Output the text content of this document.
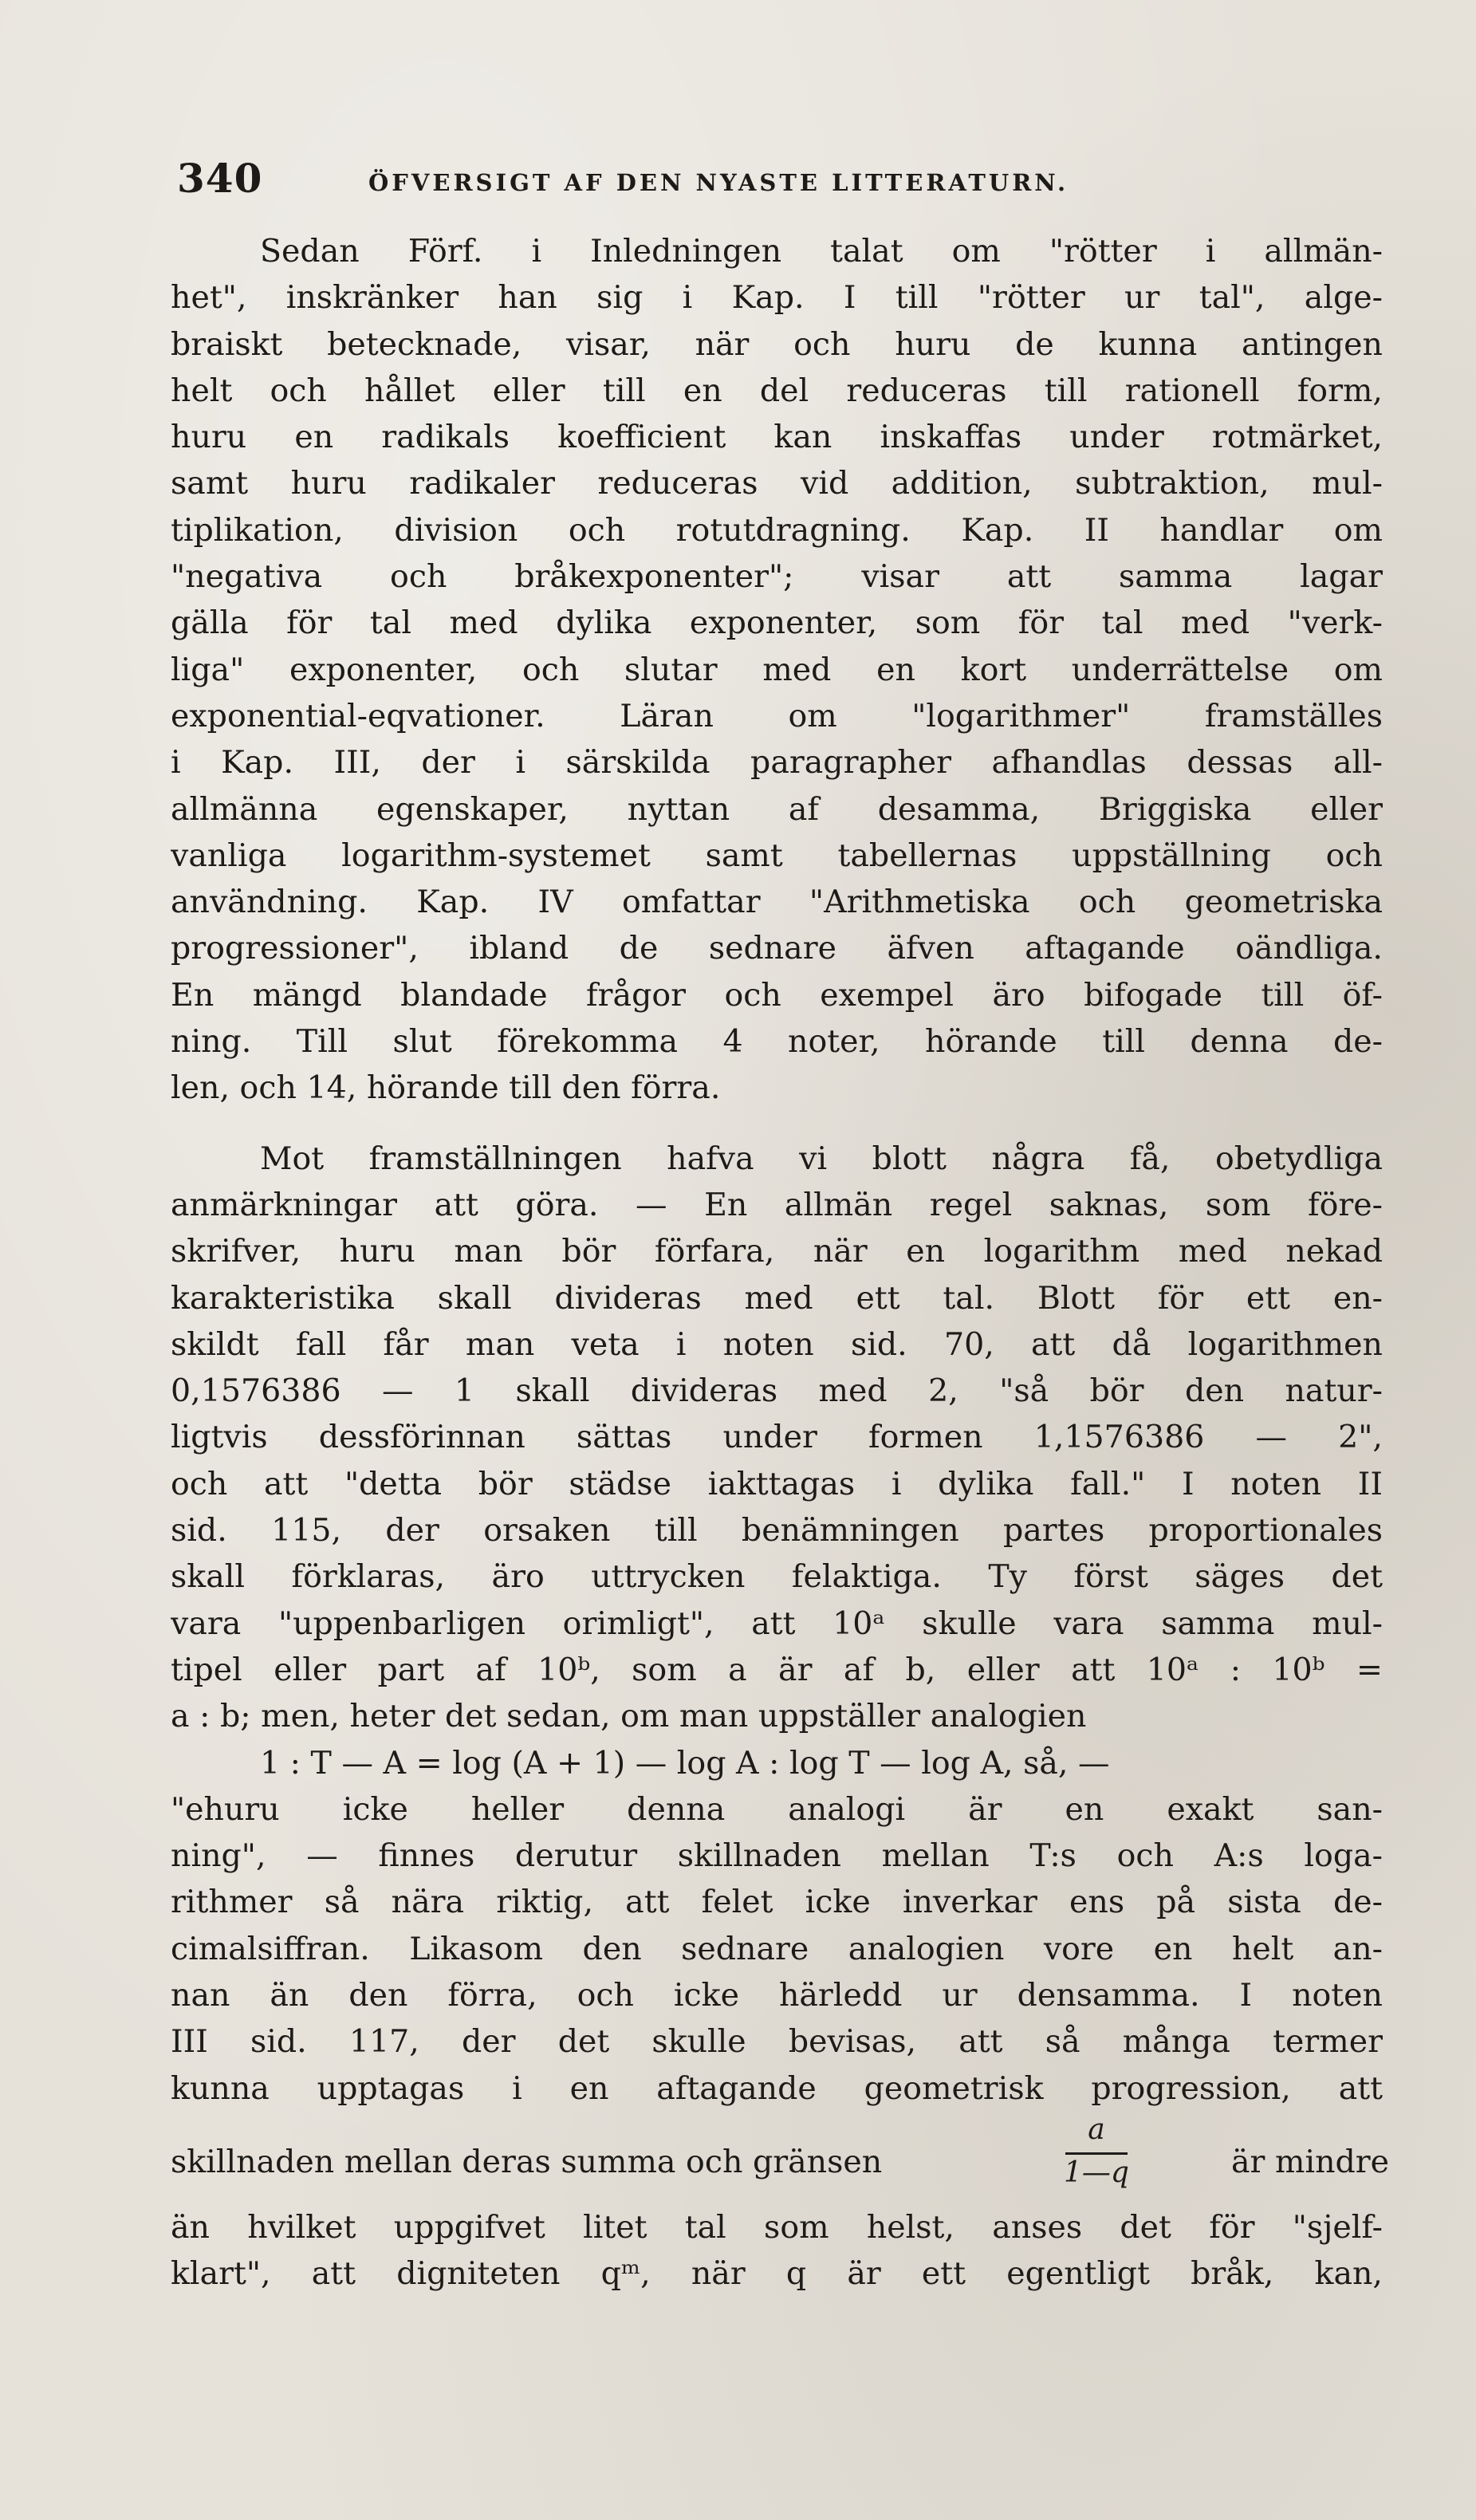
340	ÖFVERSIGT AF DEN NYASTE LITTERATURN.
Sedan Förf. i Inledningen talat om "rötter i allmän-
het", inskränker han sig i Kap. I till "rötter ur tal", alge-
braiskt betecknade, visar, när och huru de kunna antingen
helt och hållet eller till en del reduceras till rationell form,
huru en radikals koefficient kan inskaffas under rotmärket,
samt huru radikaler reduceras vid addition, subtraktion, mul-
tiplikation, division och rotutdragning. Kap. II handlar om
"negativa och bråkexponenter"; visar att samma lagar
gälla för tal med dylika exponenter, som för tal med "verk-
liga" exponenter, och slutar med en kort underrättelse om
exponential-eqvationer. Läran om "logarithmer" framställes
i Kap. III, der i särskilda paragrapher afhandlas dessas all-
allmänna egenskaper, nyttan af desamma, Briggiska eller
vanliga logarithm-systemet samt tabellernas uppställning och
användning. Kap. IV omfattar "Arithmetiska och geometriska
progressioner", ibland de sednare äfven aftagande oändliga.
En mängd blandade frågor och exempel äro bifogade till öf-
ning. Till slut förekomma 4 noter, hörande till denna de-
len, och 14, hörande till den förra.
Mot framställningen hafva vi blott några få, obetydliga
anmärkningar att göra. — En allmän regel saknas, som före-
skrifver, huru man bör förfara, när en logarithm med nekad
karakteristika skall divideras med ett tal. Blott för ett en-
skildt fall får man veta i noten sid. 70, att då logarithmen
0,1576386 — 1 skall divideras med 2, "så bör den natur-
ligtvis dessförinnan sättas under formen 1,1576386 — 2",
och att "detta bör städse iakttagas i dylika fall." I noten II
sid. 115, der orsaken till benämningen partes proportionales
skall förklaras, äro uttrycken felaktiga. Ty först säges det
vara "uppenbarligen orimligt", att 10ᵃ skulle vara samma mul-
tipel eller part af 10ᵇ, som a är af b, eller att 10ᵃ : 10ᵇ =
a : b; men, heter det sedan, om man uppställer analogien
1 : T — A = log (A + 1) — log A : log T — log A, så, —
"ehuru icke heller denna analogi är en exakt san-
ning", — finnes derutur skillnaden mellan T:s och A:s loga-
rithmer så nära riktig, att felet icke inverkar ens på sista de-
cimalsiffran. Likasom den sednare analogien vore en helt an-
nan än den förra, och icke härledd ur densamma. I noten
III sid. 117, der det skulle bevisas, att så många termer
kunna upptagas i en aftagande geometrisk progression, att
skillnaden mellan deras summa och gränsen	$\frac{a}{1—q}$	är mindre
än hvilket uppgifvet litet tal som helst, anses det för "sjelf-
klart", att digniteten qᵐ, när q är ett egentligt bråk, kan,
